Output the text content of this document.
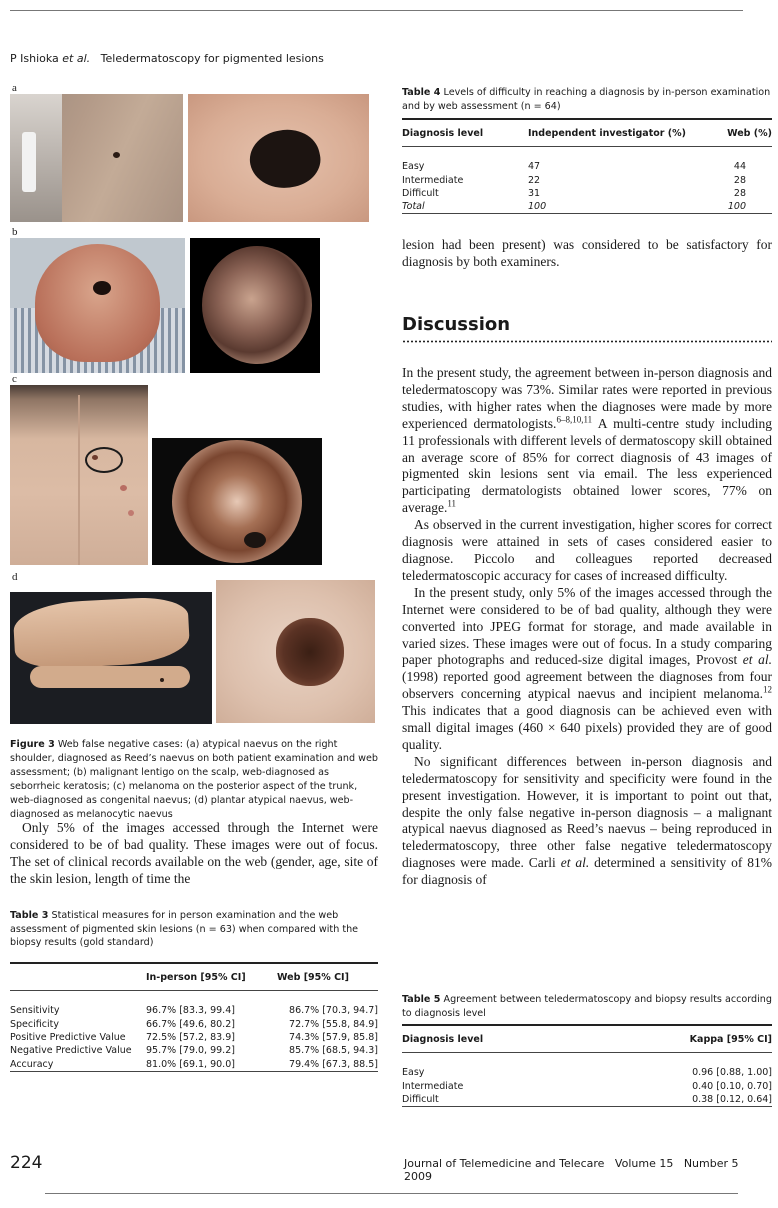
P Ishioka et al. Teledermatoscopy for pigmented lesions
a
b
c
d
Figure 3 Web false negative cases: (a) atypical naevus on the right shoulder, diagnosed as Reed’s naevus on both patient examination and web assessment; (b) malignant lentigo on the scalp, web-diagnosed as seborrheic keratosis; (c) melanoma on the posterior aspect of the trunk, web-diagnosed as congenital naevus; (d) plantar atypical naevus, web-diagnosed as melanocytic naevus

Only 5% of the images accessed through the Internet were considered to be of bad quality. These images were out of focus. The set of clinical records available on the web (gender, age, site of the skin lesion, length of time the

Table 3 Statistical measures for in person examination and the web assessment of pigmented skin lesions (n = 63) when compared with the biopsy results (gold standard)
	In-person [95% CI]	Web [95% CI]

Sensitivity	96.7% [83.3, 99.4]	86.7% [70.3, 94.7]
Specificity	66.7% [49.6, 80.2]	72.7% [55.8, 84.9]
Positive Predictive Value	72.5% [57.2, 83.9]	74.3% [57.9, 85.8]
Negative Predictive Value	95.7% [79.0, 99.2]	85.7% [68.5, 94.3]
Accuracy	81.0% [69.1, 90.0]	79.4% [67.3, 88.5]
Table 4 Levels of difficulty in reaching a diagnosis by in-person examination and by web assessment (n = 64)
Diagnosis level	Independent investigator (%)	Web (%)

Easy	47	44
Intermediate	22	28
Difficult	31	28
Total	100	100

lesion had been present) was considered to be satisfactory for diagnosis by both examiners.

Discussion

In the present study, the agreement between in-person diagnosis and teledermatoscopy was 73%. Similar rates were reported in previous studies, with higher rates when the diagnoses were made by more experienced dermatologists.$^{6-8,10,11}$ A multi-centre study including 11 professionals with different levels of dermatoscopy skill obtained an average score of 85% for correct diagnosis of 43 images of pigmented skin lesions sent via email. The less experienced participating dermatologists obtained lower scores, 77% on average.$^{11}$

As observed in the current investigation, higher scores for correct diagnosis were attained in sets of cases considered easier to diagnose. Piccolo and colleagues reported decreased teledermatoscopic accuracy for cases of increased difficulty.

In the present study, only 5% of the images accessed through the Internet were considered to be of bad quality, although they were converted into JPEG format for storage, and made available in varied sizes. These images were out of focus. In a study comparing paper photographs and reduced-size digital images, Provost et al. (1998) reported good agreement between the diagnoses from four observers concerning atypical naevus and incipient melanoma.$^{12}$ This indicates that a good diagnosis can be achieved even with small digital images (460 × 640 pixels) provided they are of good quality.

No significant differences between in-person diagnosis and teledermatoscopy for sensitivity and specificity were found in the present investigation. However, it is important to point out that, despite the only false negative in-person diagnosis – a malignant atypical naevus diagnosed as Reed’s naevus – being reproduced in teledermatoscopy, three other false negative teledermatoscopy diagnoses were made. Carli et al. determined a sensitivity of 81% for diagnosis of

Table 5 Agreement between teledermatoscopy and biopsy results according to diagnosis level
Diagnosis level	Kappa [95% CI]

Easy	0.96 [0.88, 1.00]
Intermediate	0.40 [0.10, 0.70]
Difficult	0.38 [0.12, 0.64]
224	Journal of Telemedicine and Telecare Volume 15 Number 5    2009
